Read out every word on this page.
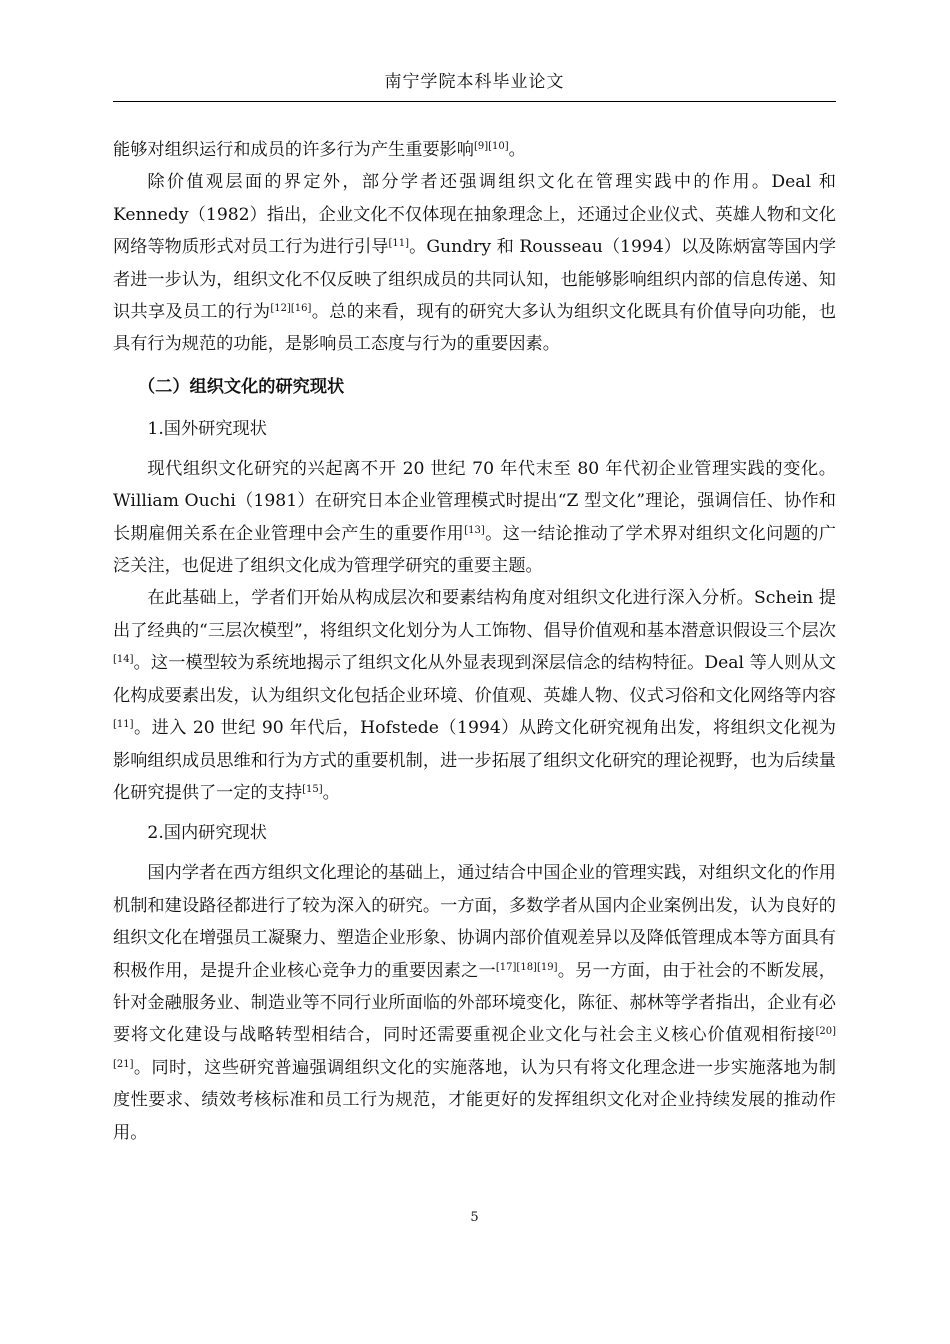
南宁学院本科毕业论文

能够对组织运行和成员的许多行为产生重要影响[9][10]。

除价值观层面的界定外，部分学者还强调组织文化在管理实践中的作用。Deal 和 Kennedy（1982）指出，企业文化不仅体现在抽象理念上，还通过企业仪式、英雄人物和文化网络等物质形式对员工行为进行引导[11]。Gundry 和 Rousseau（1994）以及陈炳富等国内学者进一步认为，组织文化不仅反映了组织成员的共同认知，也能够影响组织内部的信息传递、知识共享及员工的行为[12][16]。总的来看，现有的研究大多认为组织文化既具有价值导向功能，也具有行为规范的功能，是影响员工态度与行为的重要因素。

（二）组织文化的研究现状

1.国外研究现状

现代组织文化研究的兴起离不开 20 世纪 70 年代末至 80 年代初企业管理实践的变化。William Ouchi（1981）在研究日本企业管理模式时提出“Z 型文化”理论，强调信任、协作和长期雇佣关系在企业管理中会产生的重要作用[13]。这一结论推动了学术界对组织文化问题的广泛关注，也促进了组织文化成为管理学研究的重要主题。

在此基础上，学者们开始从构成层次和要素结构角度对组织文化进行深入分析。Schein 提出了经典的“三层次模型”，将组织文化划分为人工饰物、倡导价值观和基本潜意识假设三个层次[14]。这一模型较为系统地揭示了组织文化从外显表现到深层信念的结构特征。Deal 等人则从文化构成要素出发，认为组织文化包括企业环境、价值观、英雄人物、仪式习俗和文化网络等内容[11]。进入 20 世纪 90 年代后，Hofstede（1994）从跨文化研究视角出发，将组织文化视为影响组织成员思维和行为方式的重要机制，进一步拓展了组织文化研究的理论视野，也为后续量化研究提供了一定的支持[15]。

2.国内研究现状

国内学者在西方组织文化理论的基础上，通过结合中国企业的管理实践，对组织文化的作用机制和建设路径都进行了较为深入的研究。一方面，多数学者从国内企业案例出发，认为良好的组织文化在增强员工凝聚力、塑造企业形象、协调内部价值观差异以及降低管理成本等方面具有积极作用，是提升企业核心竞争力的重要因素之一[17][18][19]。另一方面，由于社会的不断发展，针对金融服务业、制造业等不同行业所面临的外部环境变化，陈征、郝林等学者指出，企业有必要将文化建设与战略转型相结合，同时还需要重视企业文化与社会主义核心价值观相衔接[20][21]。同时，这些研究普遍强调组织文化的实施落地，认为只有将文化理念进一步实施落地为制度性要求、绩效考核标准和员工行为规范，才能更好的发挥组织文化对企业持续发展的推动作用。

5
